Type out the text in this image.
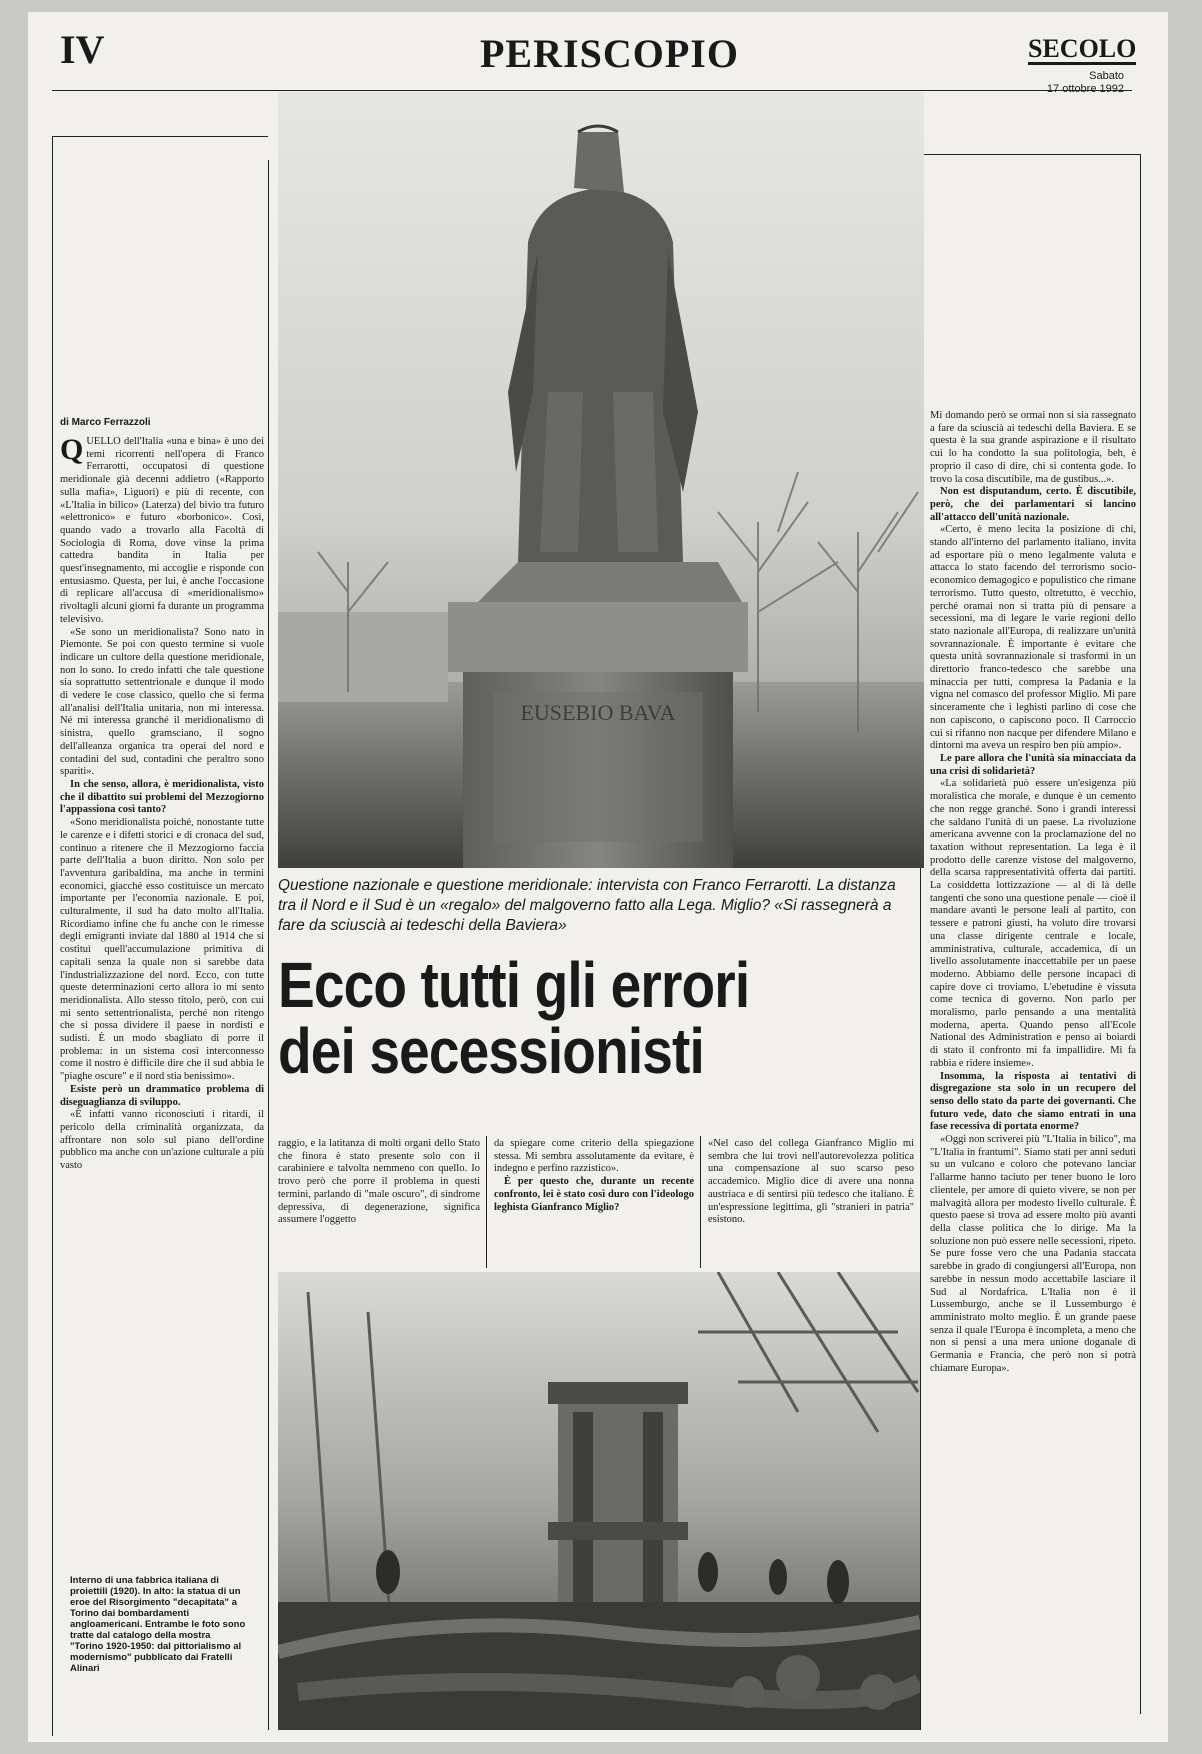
IV	PERISCOPIO	SECOLO
Sabato
EUSEBIO BAVA
di Marco Ferrazzoli
Q UELLO dell'Italia «una e bina» è uno dei temi ricorrenti nell'opera di Franco Ferrarotti, occupatosi di questione meridionale già decenni addietro («Rapporto sulla mafia», Liguori) e più di recente, con «L'Italia in bilico» (Laterza) del bivio tra futuro «elettronico» e futuro «borbonico». Così, quando vado a trovarlo alla Facoltà di Sociologia di Roma, dove vinse la prima cattedra bandita in Italia per quest'insegnamento, mi accoglie e risponde con entusiasmo. Questa, per lui, è anche l'occasione di replicare all'accusa di «meridionalismo» rivoltagli alcuni giorni fa durante un programma televisivo.

«Se sono un meridionalista? Sono nato in Piemonte. Se poi con questo termine si vuole indicare un cultore della questione meridionale, non lo sono. Io credo infatti che tale questione sia soprattutto settentrionale e dunque il modo di vedere le cose classico, quello che si ferma all'analisi dell'Italia unitaria, non mi interessa. Né mi interessa granché il meridionalismo di sinistra, quello gramsciano, il sogno dell'alleanza organica tra operai del nord e contadini del sud, contadini che peraltro sono spariti».

In che senso, allora, è meridionalista, visto che il dibattito sui problemi del Mezzogiorno l'appassiona così tanto?

«Sono meridionalista poiché, nonostante tutte le carenze e i difetti storici e di cronaca del sud, continuo a ritenere che il Mezzogiorno faccia parte dell'Italia a buon diritto. Non solo per l'avventura garibaldina, ma anche in termini economici, giacché esso costituisce un mercato importante per l'economia nazionale. E poi, culturalmente, il sud ha dato molto all'Italia. Ricordiamo infine che fu anche con le rimesse degli emigranti inviate dal 1880 al 1914 che si costituì quell'accumulazione primitiva di capitali senza la quale non si sarebbe data l'industrializzazione del nord. Ecco, con tutte queste determinazioni certo allora io mi sento meridionalista. Allo stesso titolo, però, con cui mi sento settentrionalista, perché non ritengo che si possa dividere il paese in nordisti e sudisti. È un modo sbagliato di porre il problema: in un sistema così interconnesso come il nostro è difficile dire che il sud abbia le "piaghe oscure" e il nord stia benissimo».

Esiste però un drammatico problema di diseguaglianza di sviluppo.

«È infatti vanno riconosciuti i ritardi, il pericolo della criminalità organizzata, da affrontare non solo sul piano dell'ordine pubblico ma anche con un'azione culturale a più vasto

Interno di una fabbrica italiana di proiettili (1920). In alto: la statua di un eroe del Risorgimento "decapitata" a Torino dai bombardamenti angloamericani. Entrambe le foto sono tratte dal catalogo della mostra "Torino 1920-1950: dal pittorialismo al modernismo" pubblicato dai Fratelli Alinari
Questione nazionale e questione meridionale: intervista con Franco Ferrarotti. La distanza tra il Nord e il Sud è un «regalo» del malgoverno fatto alla Lega. Miglio? «Si rassegnerà a fare da sciuscià ai tedeschi della Baviera»
Ecco tutti gli errori
dei secessionisti

raggio, e la latitanza di molti organi dello Stato che finora è stato presente solo con il carabiniere e talvolta nemmeno con quello. Io trovo però che porre il problema in questi termini, parlando di "male oscuro", di sindrome depressiva, di degenerazione, significa assumere l'oggetto

da spiegare come criterio della spiegazione stessa. Mi sembra assolutamente da evitare, è indegno e perfino razzistico».

È per questo che, durante un recente confronto, lei è stato così duro con l'ideologo leghista Gianfranco Miglio?

«Nel caso del collega Gianfranco Miglio mi sembra che lui trovi nell'autorevolezza politica una compensazione al suo scarso peso accademico. Miglio dice di avere una nonna austriaca e di sentirsi più tedesco che italiano. È un'espressione legittima, gli "stranieri in patria" esistono.

Mi domando però se ormai non si sia rassegnato a fare da sciuscià ai tedeschi della Baviera. E se questa è la sua grande aspirazione e il risultato cui lo ha condotto la sua politologia, beh, è proprio il caso di dire, chi si contenta gode. Io trovo la cosa discutibile, ma de gustibus...».

Non est disputandum, certo. È discutibile, però, che dei parlamentari si lancino all'attacco dell'unità nazionale.

«Certo, è meno lecita la posizione di chi, stando all'interno del parlamento italiano, invita ad esportare più o meno legalmente valuta e attacca lo stato facendo del terrorismo socio-economico demagogico e populistico che rimane terrorismo. Tutto questo, oltretutto, è vecchio, perché oramai non si tratta più di pensare a secessioni, ma di legare le varie regioni dello stato nazionale all'Europa, di realizzare un'unità sovrannazionale. È importante è evitare che questa unità sovrannazionale si trasformi in un direttorio franco-tedesco che sarebbe una minaccia per tutti, compresa la Padania e la vigna nel comasco del professor Miglio. Mi pare sinceramente che i leghisti parlino di cose che non capiscono, o capiscono poco. Il Carroccio cui si rifanno non nacque per difendere Milano e dintorni ma aveva un respiro ben più ampio».

Le pare allora che l'unità sia minacciata da una crisi di solidarietà?

«La solidarietà può essere un'esigenza più moralistica che morale, e dunque è un cemento che non regge granché. Sono i grandi interessi che saldano l'unità di un paese. La rivoluzione americana avvenne con la proclamazione del no taxation without representation. La lega è il prodotto delle carenze vistose del malgoverno, della scarsa rappresentatività offerta dai partiti. La cosiddetta lottizzazione — al di là delle tangenti che sono una questione penale — cioè il mandare avanti le persone leali al partito, con tessere e patroni giusti, ha voluto dire trovarsi una classe dirigente centrale e locale, amministrativa, culturale, accademica, di un livello assolutamente inaccettabile per un paese moderno. Abbiamo delle persone incapaci di capire dove ci troviamo. L'ebetudine è vissuta come tecnica di governo. Non parlo per moralismo, parlo pensando a una mentalità moderna, aperta. Quando penso all'Ecole National des Administration e penso ai boiardi di stato il confronto mi fa impallidire. Mi fa rabbia e ridere insieme».

Insomma, la risposta ai tentativi di disgregazione sta solo in un recupero del senso dello stato da parte dei governanti. Che futuro vede, dato che siamo entrati in una fase recessiva di portata enorme?

«Oggi non scriverei più "L'Italia in bilico", ma "L'Italia in frantumi". Siamo stati per anni seduti su un vulcano e coloro che potevano lanciar l'allarme hanno taciuto per tener buono le loro clientele, per amore di quieto vivere, se non per malvagità allora per modesto livello culturale. È questo paese si trova ad essere molto più avanti della classe politica che lo dirige. Ma la soluzione non può essere nelle secessioni, ripeto. Se pure fosse vero che una Padania staccata sarebbe in grado di congiungersi all'Europa, non sarebbe in nessun modo accettabile lasciare il Sud al Nordafrica. L'Italia non è il Lussemburgo, anche se il Lussemburgo è amministrato molto meglio. È un grande paese senza il quale l'Europa è incompleta, a meno che non si pensi a una mera unione doganale di Germania e Francia, che però non si potrà chiamare Europa».
